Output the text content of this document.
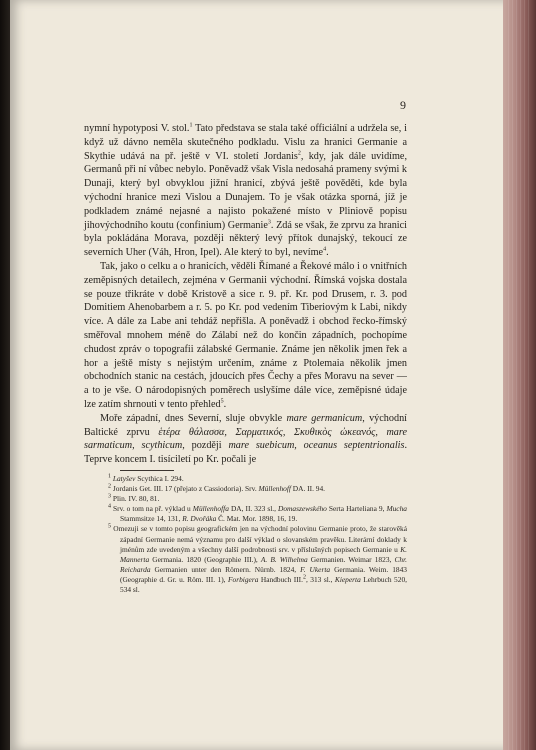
9

nymní hypotyposi V. stol.$^1$ Tato představa se stala také officiální a udržela se, i když už dávno neměla skutečného podkladu. Vislu za hranici Germanie a Skythie udává na př. ještě v VI. století Jordanis$^2$, kdy, jak dále uvidíme, Germanů při ní vůbec nebylo. Poněvadž však Visla nedosahá prameny svými k Dunaji, který byl obvyklou jižní hranicí, zbývá ještě pověděti, kde byla východní hranice mezi Vislou a Dunajem. To je však otázka sporná, jíž je podkladem známé nejasné a najisto pokažené místo v Pliniově popisu jihovýchodního koutu (confinium) Germanie$^3$. Zdá se však, že zprvu za hranici byla pokládána Morava, později některý levý přítok dunajský, tekoucí ze severních Uher (Váh, Hron, Ipel). Ale který to byl, nevíme$^4$.

Tak, jako o celku a o hranicích, věděli Římané a Řekové málo i o vnitřních zeměpisných detailech, zejména v Germanii východní. Římská vojska dostala se pouze třikráte v době Kristově a sice r. 9. př. Kr. pod Drusem, r. 3. pod Domitiem Ahenobarbem a r. 5. po Kr. pod vedením Tiberiovým k Labi, nikdy více. A dále za Labe ani tehdáž nepřišla. A poněvadž i obchod řecko-římský směřoval mnohem méně do Zálabí než do končin západních, pochopíme chudost zpráv o topografii zálabské Germanie. Známe jen několik jmen řek a hor a ještě místy s nejistým určením, známe z Ptolemaia několik jmen obchodních stanic na cestách, jdoucích přes Čechy a přes Moravu na sever — a to je vše. O národopisných poměrech uslyšíme dále více, zeměpisné údaje lze zatím shrnouti v tento přehled$^5$.

Moře západní, dnes Severní, sluje obvykle mare germanicum, východní Baltické zprvu ἑτέρα θάλασσα, Σαρματικός, Σκυθικὸς ὠκεανός, mare sarmaticum, scythicum, později mare suebicum, oceanus septentrionalis. Teprve koncem I. tisíciletí po Kr. počali je

$^1$ Latyšev Scythica I. 294.
$^2$ Jordanis Get. III. 17 (přejato z Cassiodoria). Srv. Müllenhoff DA. II. 94.
$^3$ Plin. IV. 80, 81.
$^4$ Srv. o tom na př. výklad u Müllenhoffa DA, II. 323 sl., Domaszewského Serta Harteliana 9, Mucha Stammsitze 14, 131, R. Dvořáka Č. Mat. Mor. 1898, 16, 19.
$^5$ Omezuji se v tomto popisu geografickém jen na východní polovinu Germanie proto, že starověká západní Germanie nemá významu pro další výklad o slovanském pravěku. Literární doklady k jménům zde uvedeným a všechny další podrobnosti srv. v příslušných popisech Germanie u K. Mannerta Germania. 1820 (Geographie III.), A. B. Wilhelma Germanien. Weimar 1823, Chr. Reicharda Germanien unter den Römern. Nürnb. 1824, F. Ukerta Germania. Weim. 1843 (Geographie d. Gr. u. Röm. III. 1), Forbigera Handbuch III.$^2$, 313 sl., Kieperta Lehrbuch 520, 534 sl.
